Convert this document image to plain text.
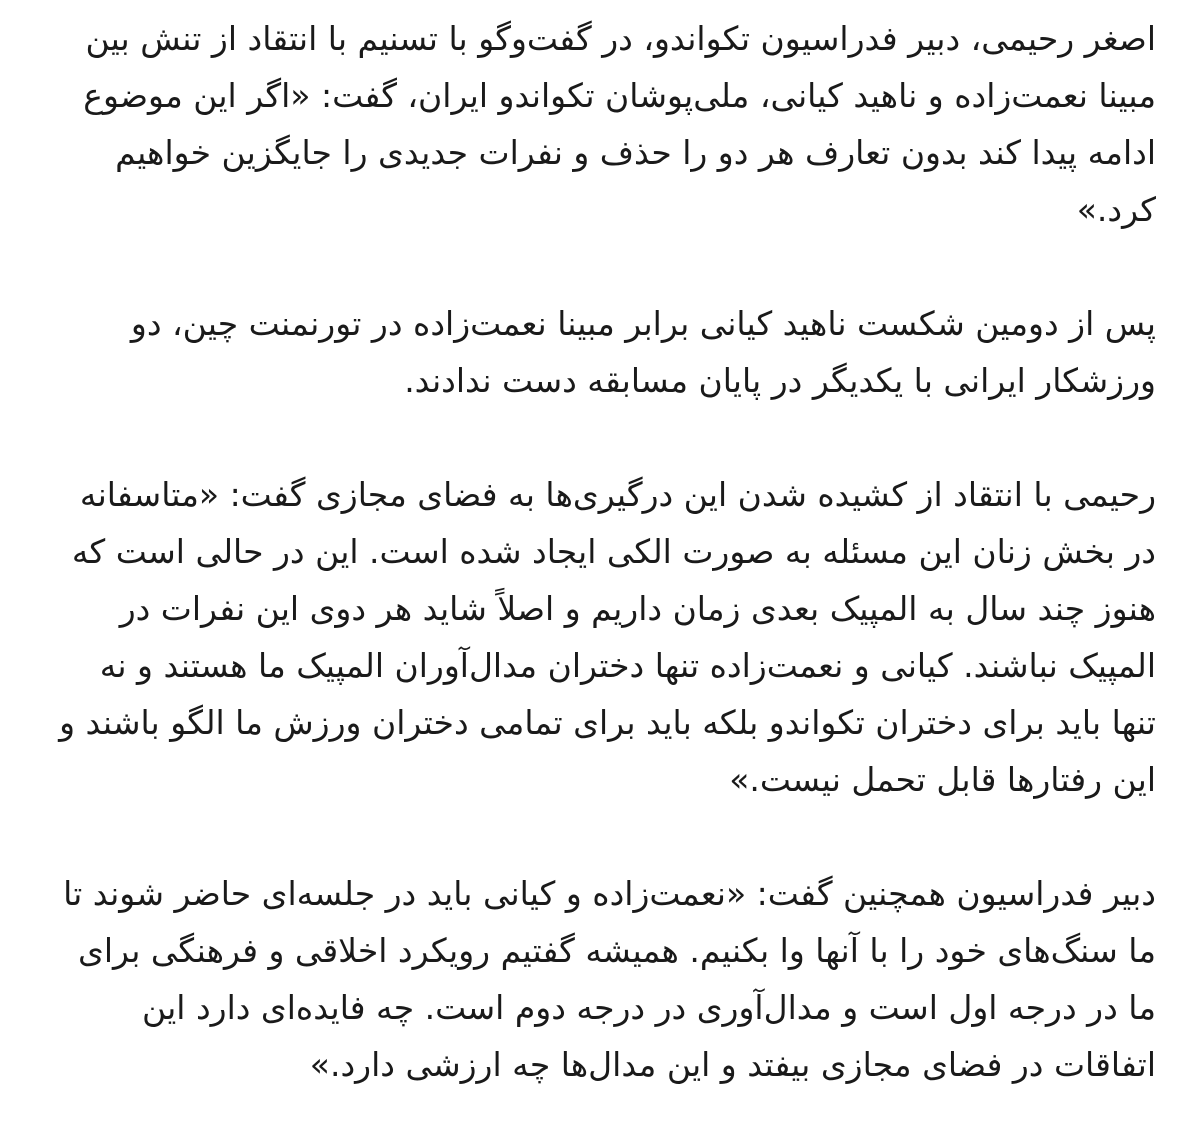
اصغر رحیمی، دبیر فدراسیون تکواندو، در گفت‌وگو با تسنیم با انتقاد از تنش بین مبینا نعمت‌زاده و ناهید کیانی، ملی‌پوشان تکواندو ایران، گفت: «اگر این موضوع ادامه پیدا کند بدون تعارف هر دو را حذف و نفرات جدیدی را جایگزین خواهیم کرد.»

پس از دومین شکست ناهید کیانی برابر مبینا نعمت‌زاده در تورنمنت چین، دو ورزشکار ایرانی با یکدیگر در پایان مسابقه دست ندادند.

رحیمی با انتقاد از کشیده شدن این درگیری‌ها به فضای مجازی گفت: «متاسفانه در بخش زنان این مسئله به صورت الکی ایجاد شده است. این در حالی است که هنوز چند سال به المپیک بعدی زمان داریم و اصلاً شاید هر دوی این نفرات در المپیک نباشند. کیانی و نعمت‌زاده تنها دختران مدال‌آوران المپیک ما هستند و نه تنها باید برای دختران تکواندو بلکه باید برای تمامی دختران ورزش ما الگو باشند و این رفتارها قابل تحمل نیست.»

دبیر فدراسیون همچنین گفت: «نعمت‌زاده و کیانی باید در جلسه‌ای حاضر شوند تا ما سنگ‌های خود را با آنها وا بکنیم. همیشه گفتیم رویکرد اخلاقی و فرهنگی برای ما در درجه اول است و مدال‌آوری در درجه دوم است. چه فایده‌ای دارد این اتفاقات در فضای مجازی بیفتد و این مدال‌ها چه ارزشی دارد.»
